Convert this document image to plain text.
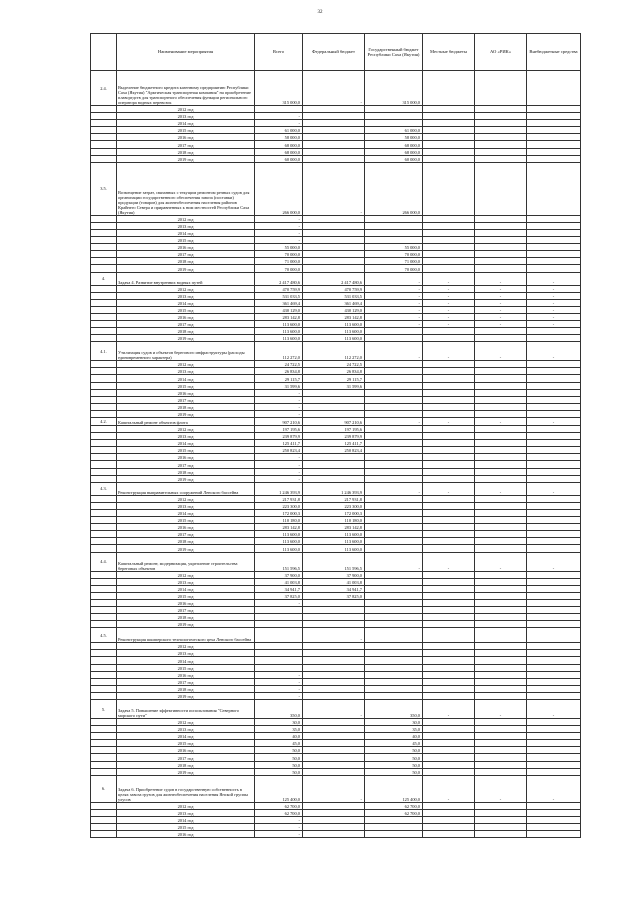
32
	Наименование мероприятия	Всего	Федеральный бюджет	Государственный бюджет Республики Саха (Якутия)	Местные бюджеты	АО «РИК»	Внебюджетные средства
2.4.	Выделение бюджетного кредита казенному предприятию Республики Саха (Якутия) "Арктическая транспортная компания" на приобретение плавсредств для транспортного обеспечения функции регионального оператора водных перевозок	315 000,0	-	315 000,0			
	2012 год						
	2013 год	-					
	2014 год	-					
	2015 год	61 000,0		61 000,0			
	2016 год	58 000,0		58 000,0			
	2017 год	68 000,0		68 000,0			
	2018 год	68 000,0		68 000,0			
	2019 год	60 000,0		60 000,0			
3.5.	Возмещение затрат, связанных с текущим ремонтом речных судов для организации государственного обеспечения завоза (поставки) продукции (товаров) для жизнеобеспечения населения районов Крайнего Севера и приравненных к ним местностей Республики Саха (Якутия)	266 000,0	-	266 000,0			
	2012 год	-					
	2013 год	-					
	2014 год	-					
	2015 год	-					
	2016 год	55 000,0		55 000,0			
	2017 год	70 000,0		70 000,0			
	2018 год	71 000,0		71 000,0			
	2019 год	70 000,0		70 000,0			
4.	Задача 4. Развитие внутренних водных путей	2 417 480,6	2 417 480,6	-	-	-	-
	2012 год	470 759,9	470 759,9	-	-	-	-
	2013 год	531 033,5	531 033,5	-	-	-	-
	2014 год	361 469,4	361 469,4	-	-	-	-
	2015 год	430 129,0	430 129,0	-	-	-	-
	2016 год	283 142,8	283 142,8	-	-	-	-
	2017 год	113 600,0	113 600,0	-	-	-	-
	2018 год	113 600,0	113 600,0				
	2019 год	113 600,0	113 600,0				
4.1.	Утилизация судов и объектов берегового инфраструктуры (расходы единовременного характера)	112 272,0	112 272,0	-	-	-	-
	2012 год	24 722,5	24 722,5				
	2013 год	26 834,8	26 834,8				
	2014 год	29 115,7	29 115,7				
	2015 год	31 599,6	31 599,6				
	2016 год	-					
	2017 год	-					
	2018 год	-					
	2019 год	-					
4.2.	Капитальный ремонт объектов флота	907 210,6	907 210,6	-	-	-	-
	2012 год	197 195,6	197 195,6				
	2013 год	239 879,9	239 879,9				
	2014 год	125 411,7	125 411,7				
	2015 год	250 823,4	250 823,4				
	2016 год	-					
	2017 год	-					
	2018 год	-					
	2019 год	-					
4.3.	Реконструкция выправительных сооружений Ленского бассейна	1 246 393,9	1 246 393,9	-	-	-	-
	2012 год	217 931,8	217 931,8				
	2013 год	223 300,0	223 300,0				
	2014 год	172 000,3	172 000,3				
	2015 год	110 180,0	110 180,0				
	2016 год	283 142,8	283 142,8				
	2017 год	113 600,0	113 600,0				
	2018 год	113 600,0	113 600,0				
	2019 год	113 600,0	113 600,0				
4.4.	Капитальный ремонт, модернизация, укрепление строительства береговых объектов	151 596,5	151 596,5	-	-	-	-
	2012 год	37 900,0	37 900,0				
	2013 год	41 003,8	41 003,8				
	2014 год	34 941,7	34 941,7				
	2015 год	37 825,0	37 825,0				
	2016 год	-					
	2017 год						
	2018 год						
	2019 год						
4.5.	Реконструкция шкиперского технологического цеха Ленского бассейна		-				
	2012 год						
	2013 год						
	2014 год						
	2015 год						
	2016 год	-					
	2017 год	-					
	2018 год	-					
	2019 год	-					
5.	Задача 5. Повышение эффективности использования "Северного морского пути"	350,0	-	350,0	-	-	-
	2012 год	30,0		30,0			
	2013 год	35,0		35,0			
	2014 год	40,0		40,0			
	2015 год	45,0		45,0			
	2016 год	50,0		50,0			
	2017 год	50,0		50,0			
	2018 год	50,0		50,0			
	2019 год	50,0		50,0			
6.	Задача 6. Приобретение судов в государственную собственность в целях завоза грузов для жизнеобеспечения населения Янской группы улусов	125 400,0	-	125 400,0	-	-	-
	2012 год	62 700,0		62 700,0			
	2013 год	62 700,0		62 700,0			
	2014 год	-					
	2015 год	-					
	2016 год	-					
